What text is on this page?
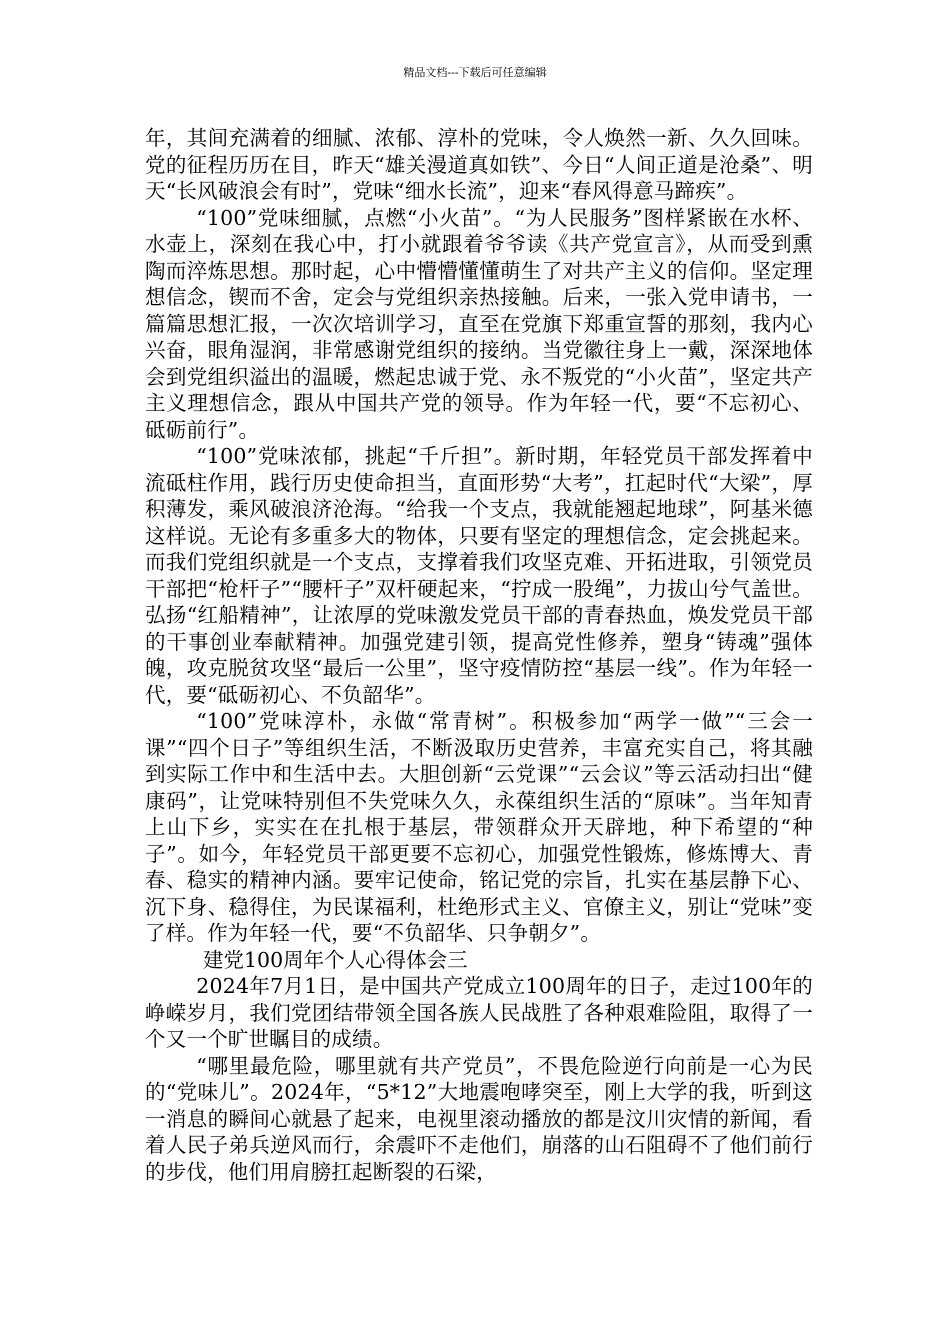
精品文档---下载后可任意编辑

年，其间充满着的细腻、浓郁、淳朴的党味，令人焕然一新、久久回味。党的征程历历在目，昨天“雄关漫道真如铁”、今日“人间正道是沧桑”、明天“长风破浪会有时”，党味“细水长流”，迎来“春风得意马蹄疾”。

“100”党味细腻，点燃“小火苗”。“为人民服务”图样紧嵌在水杯、水壶上，深刻在我心中，打小就跟着爷爷读《共产党宣言》，从而受到熏陶而淬炼思想。那时起，心中懵懵懂懂萌生了对共产主义的信仰。坚定理想信念，锲而不舍，定会与党组织亲热接触。后来，一张入党申请书，一篇篇思想汇报，一次次培训学习，直至在党旗下郑重宣誓的那刻，我内心兴奋，眼角湿润，非常感谢党组织的接纳。当党徽往身上一戴，深深地体会到党组织溢出的温暖，燃起忠诚于党、永不叛党的“小火苗”，坚定共产主义理想信念，跟从中国共产党的领导。作为年轻一代，要“不忘初心、砥砺前行”。

“100”党味浓郁，挑起“千斤担”。新时期，年轻党员干部发挥着中流砥柱作用，践行历史使命担当，直面形势“大考”，扛起时代“大梁”，厚积薄发，乘风破浪济沧海。“给我一个支点，我就能翘起地球”，阿基米德这样说。无论有多重多大的物体，只要有坚定的理想信念，定会挑起来。而我们党组织就是一个支点，支撑着我们攻坚克难、开拓进取，引领党员干部把“枪杆子”“腰杆子”双杆硬起来，“拧成一股绳”，力拔山兮气盖世。弘扬“红船精神”，让浓厚的党味激发党员干部的青春热血，焕发党员干部的干事创业奉献精神。加强党建引领，提高党性修养，塑身“铸魂”强体魄，攻克脱贫攻坚“最后一公里”，坚守疫情防控“基层一线”。作为年轻一代，要“砥砺初心、不负韶华”。

“100”党味淳朴，永做“常青树”。积极参加“两学一做”“三会一课”“四个日子”等组织生活，不断汲取历史营养，丰富充实自己，将其融到实际工作中和生活中去。大胆创新“云党课”“云会议”等云活动扫出“健康码”，让党味特别但不失党味久久，永葆组织生活的“原味”。当年知青上山下乡，实实在在扎根于基层，带领群众开天辟地，种下希望的“种子”。如今，年轻党员干部更要不忘初心，加强党性锻炼，修炼博大、青春、稳实的精神内涵。要牢记使命，铭记党的宗旨，扎实在基层静下心、沉下身、稳得住，为民谋福利，杜绝形式主义、官僚主义，别让“党味”变了样。作为年轻一代，要“不负韶华、只争朝夕”。

建党100周年个人心得体会三

2024年7月1日，是中国共产党成立100周年的日子，走过100年的峥嵘岁月，我们党团结带领全国各族人民战胜了各种艰难险阻，取得了一个又一个旷世瞩目的成绩。

“哪里最危险，哪里就有共产党员”，不畏危险逆行向前是一心为民的“党味儿”。2024年，“5*12”大地震咆哮突至，刚上大学的我，听到这一消息的瞬间心就悬了起来，电视里滚动播放的都是汶川灾情的新闻，看着人民子弟兵逆风而行，余震吓不走他们，崩落的山石阻碍不了他们前行的步伐，他们用肩膀扛起断裂的石梁，
